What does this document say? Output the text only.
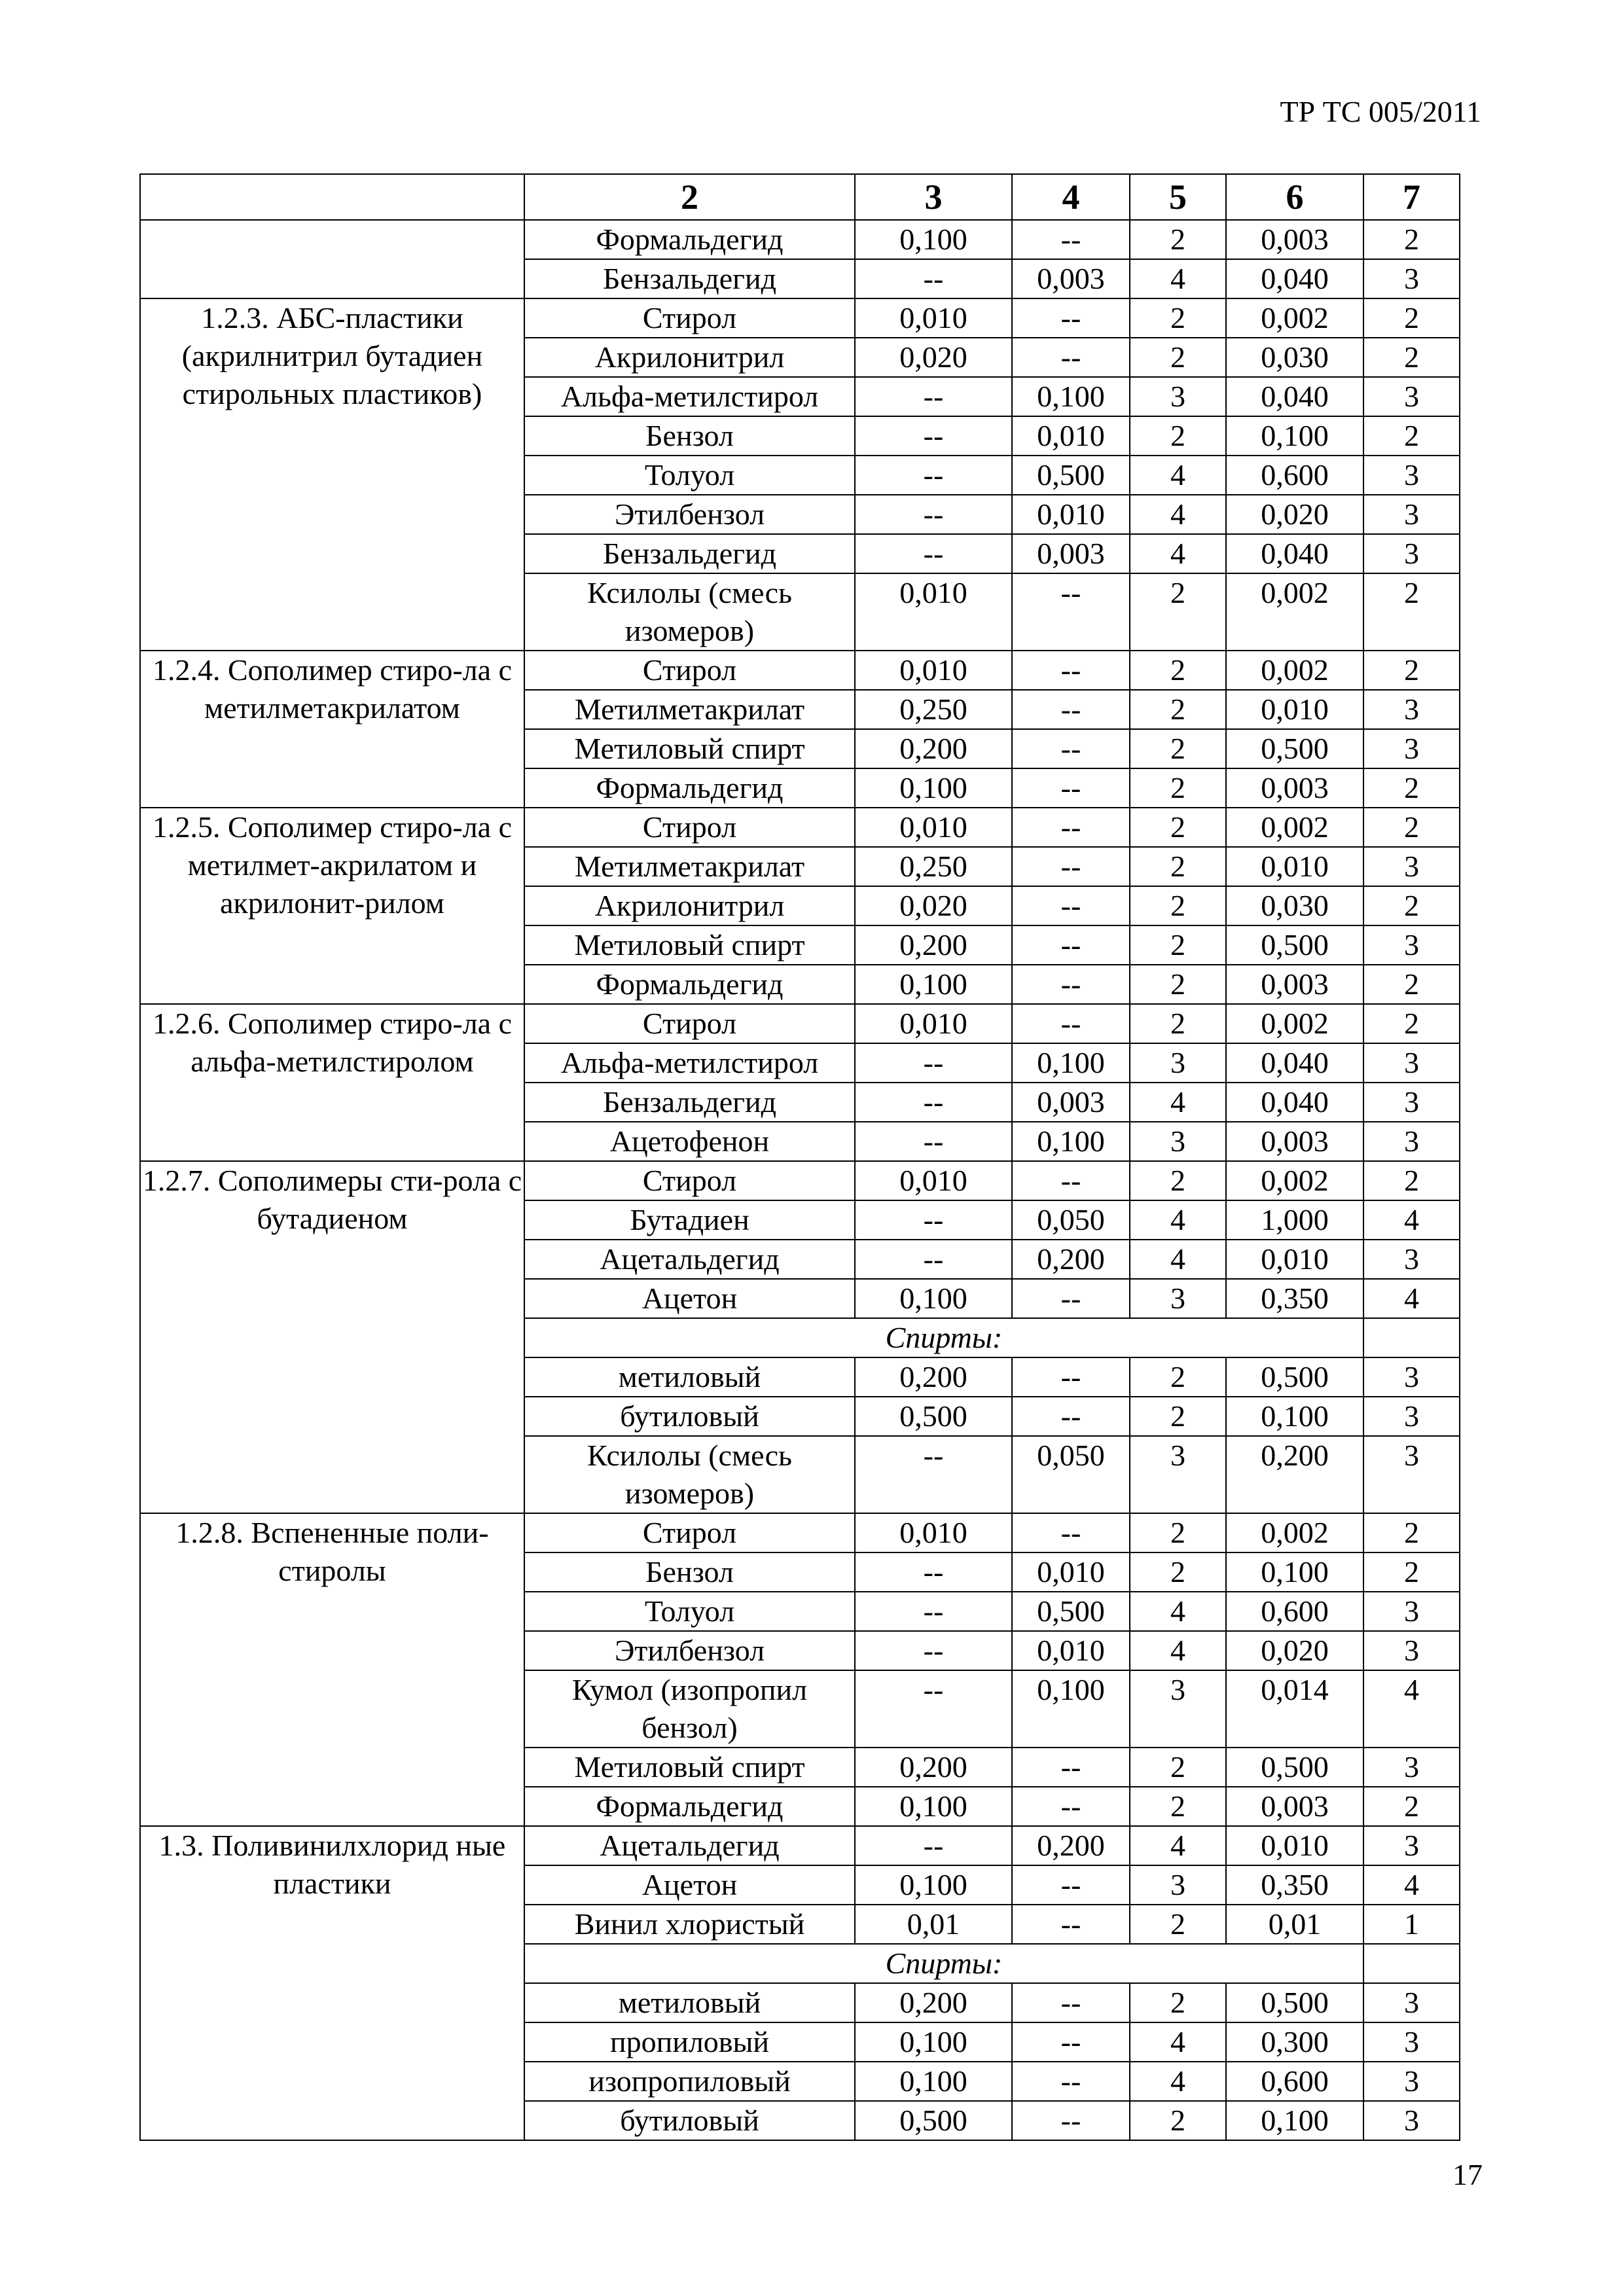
ТР ТС 005/2011
	2	3	4	5	6	7
	Формальдегид	0,100	--	2	0,003	2
	Бензальдегид	--	0,003	4	0,040	3
1.2.3. АБС-пластики (акрилнитрил бутадиен стирольных пластиков)	Стирол	0,010	--	2	0,002	2
	Акрилонитрил	0,020	--	2	0,030	2
	Альфа-метилстирол	--	0,100	3	0,040	3
	Бензол	--	0,010	2	0,100	2
	Толуол	--	0,500	4	0,600	3
	Этилбензол	--	0,010	4	0,020	3
	Бензальдегид	--	0,003	4	0,040	3
	Ксилолы (смесь изомеров)	0,010	--	2	0,002	2
1.2.4. Сополимер стиро-ла с метилметакрилатом	Стирол	0,010	--	2	0,002	2
	Метилметакрилат	0,250	--	2	0,010	3
	Метиловый спирт	0,200	--	2	0,500	3
	Формальдегид	0,100	--	2	0,003	2
1.2.5. Сополимер стиро-ла с метилмет-акрилатом и акрилонит-рилом	Стирол	0,010	--	2	0,002	2
	Метилметакрилат	0,250	--	2	0,010	3
	Акрилонитрил	0,020	--	2	0,030	2
	Метиловый спирт	0,200	--	2	0,500	3
	Формальдегид	0,100	--	2	0,003	2
1.2.6. Сополимер стиро-ла с альфа-метилстиролом	Стирол	0,010	--	2	0,002	2
	Альфа-метилстирол	--	0,100	3	0,040	3
	Бензальдегид	--	0,003	4	0,040	3
	Ацетофенон	--	0,100	3	0,003	3
1.2.7. Сополимеры сти-рола с бутадиеном	Стирол	0,010	--	2	0,002	2
	Бутадиен	--	0,050	4	1,000	4
	Ацетальдегид	--	0,200	4	0,010	3
	Ацетон	0,100	--	3	0,350	4
	Спирты:					
	метиловый	0,200	--	2	0,500	3
	бутиловый	0,500	--	2	0,100	3
	Ксилолы (смесь изомеров)	--	0,050	3	0,200	3
1.2.8. Вспененные поли-стиролы	Стирол	0,010	--	2	0,002	2
	Бензол	--	0,010	2	0,100	2
	Толуол	--	0,500	4	0,600	3
	Этилбензол	--	0,010	4	0,020	3
	Кумол (изопропил бензол)	--	0,100	3	0,014	4
	Метиловый спирт	0,200	--	2	0,500	3
	Формальдегид	0,100	--	2	0,003	2
1.3. Поливинилхлорид ные пластики	Ацетальдегид	--	0,200	4	0,010	3
	Ацетон	0,100	--	3	0,350	4
	Винил хлористый	0,01	--	2	0,01	1
	Спирты:					
	метиловый	0,200	--	2	0,500	3
	пропиловый	0,100	--	4	0,300	3
	изопропиловый	0,100	--	4	0,600	3
	бутиловый	0,500	--	2	0,100	3
17
